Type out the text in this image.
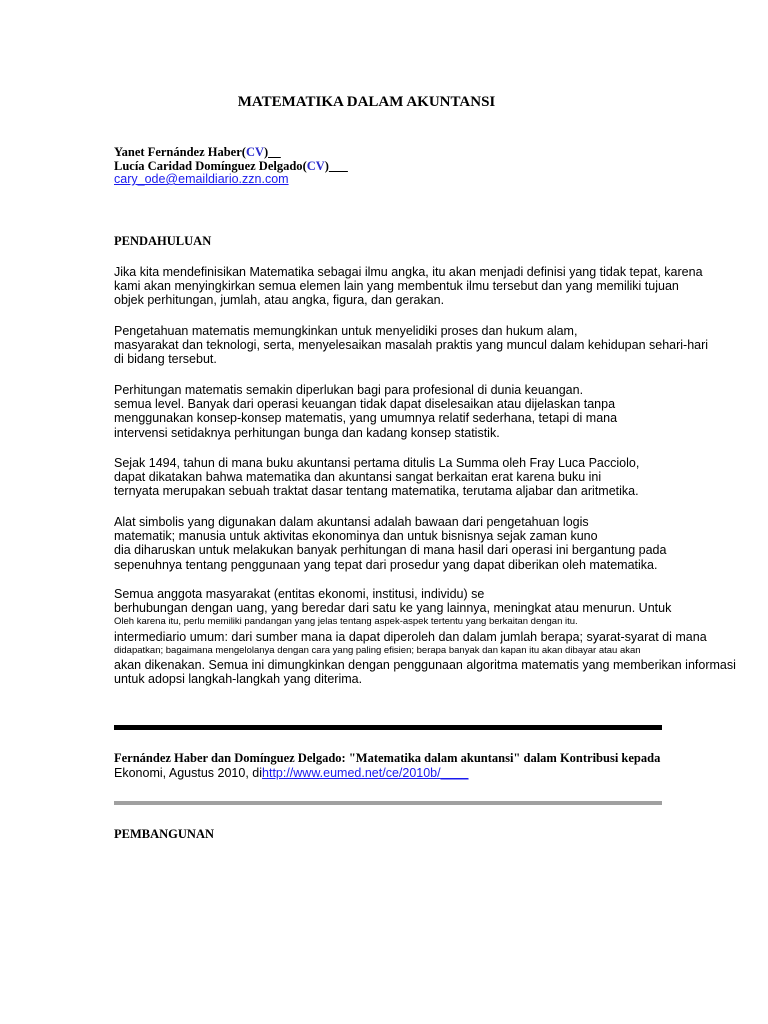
MATEMATIKA DALAM AKUNTANSI
Yanet Fernández Haber(CV)__
Lucía Caridad Domínguez Delgado(CV)___
cary_ode@emaildiario.zzn.com
PENDAHULUAN
Jika kita mendefinisikan Matematika sebagai ilmu angka, itu akan menjadi definisi yang tidak tepat, karena
kami akan menyingkirkan semua elemen lain yang membentuk ilmu tersebut dan yang memiliki tujuan
objek perhitungan, jumlah, atau angka, figura, dan gerakan.
Pengetahuan matematis memungkinkan untuk menyelidiki proses dan hukum alam,
masyarakat dan teknologi, serta, menyelesaikan masalah praktis yang muncul dalam kehidupan sehari-hari
di bidang tersebut.
Perhitungan matematis semakin diperlukan bagi para profesional di dunia keuangan.
semua level. Banyak dari operasi keuangan tidak dapat diselesaikan atau dijelaskan tanpa
menggunakan konsep-konsep matematis, yang umumnya relatif sederhana, tetapi di mana
intervensi setidaknya perhitungan bunga dan kadang konsep statistik.
Sejak 1494, tahun di mana buku akuntansi pertama ditulis La Summa oleh Fray Luca Pacciolo,
dapat dikatakan bahwa matematika dan akuntansi sangat berkaitan erat karena buku ini
ternyata merupakan sebuah traktat dasar tentang matematika, terutama aljabar dan aritmetika.
Alat simbolis yang digunakan dalam akuntansi adalah bawaan dari pengetahuan logis
matematik; manusia untuk aktivitas ekonominya dan untuk bisnisnya sejak zaman kuno
dia diharuskan untuk melakukan banyak perhitungan di mana hasil dari operasi ini bergantung pada
sepenuhnya tentang penggunaan yang tepat dari prosedur yang dapat diberikan oleh matematika.
Semua anggota masyarakat (entitas ekonomi, institusi, individu) se
berhubungan dengan uang, yang beredar dari satu ke yang lainnya, meningkat atau menurun. Untuk
Oleh karena itu, perlu memiliki pandangan yang jelas tentang aspek-aspek tertentu yang berkaitan dengan itu.
intermediario umum: dari sumber mana ia dapat diperoleh dan dalam jumlah berapa; syarat-syarat di mana
didapatkan; bagaimana mengelolanya dengan cara yang paling efisien; berapa banyak dan kapan itu akan dibayar atau akan
akan dikenakan. Semua ini dimungkinkan dengan penggunaan algoritma matematis yang memberikan informasi
untuk adopsi langkah-langkah yang diterima.
Fernández Haber dan Domínguez Delgado: "Matematika dalam akuntansi" dalam Kontribusi kepada
Ekonomi, Agustus 2010, dihttp://www.eumed.net/ce/2010b/____
PEMBANGUNAN
